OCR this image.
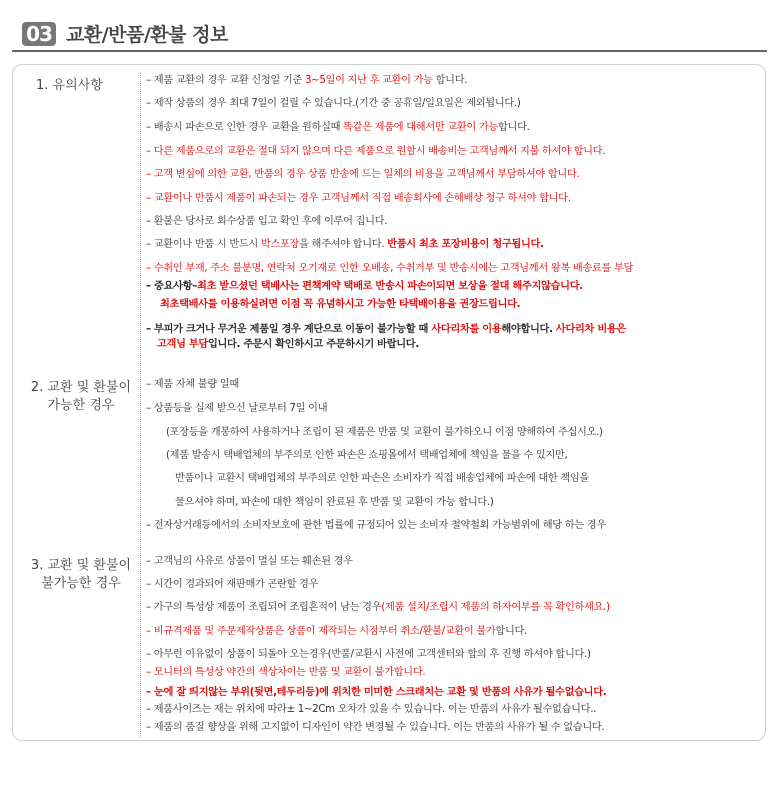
03 교환/반품/환불 정보
1. 유의사항
2. 교환 및 환불이
가능한 경우
3. 교환 및 환불이
불가능한 경우
– 제품 교환의 경우 교환 신청일 기준 3~5일이 지난 후 교환이 가능 합니다.
– 제작 상품의 경우 최대 7일이 걸릴 수 있습니다.(기간 중 공휴일/일요일은 제외됩니다.)
– 배송시 파손으로 인한 경우 교환을 원하실때 똑같은 제품에 대해서만 교환이 가능합니다.
– 다른 제품으로의 교환은 절대 되지 않으며 다른 제품으로 원할시 배송비는 고객님께서 지불 하셔야 합니다.
– 고객 변심에 의한 교환, 반품의 경우 상품 반송에 드는 일체의 비용을 고객님께서 부담하셔야 합니다.
– 교환이나 반품시 제품이 파손되는 경우 고객님께서 직접 배송회사에 손해배상 청구 하셔야 합니다.
– 환불은 당사로 회수상품 입고 확인 후에 이루어 집니다.
– 교환이나 반품 시 반드시 박스포장을 해주셔야 합니다. 반품시 최초 포장비용이 청구됩니다.
– 수취인 부재, 주소 불분명, 연락처 오기재로 인한 오배송, 수취거부 및 반송시에는 고객님께서 왕복 배송료를 부담
– 중요사항–최초 받으셨던 택배사는 편책계약 택배로 반송시 파손이되면 보상을 절대 해주지않습니다.
최초택배사를 이용하실려면 이점 꼭 유념하시고 가능한 타택배이용을 권장드립니다.
– 부피가 크거나 무거운 제품일 경우 계단으로 이동이 불가능할 때 사다리차를 이용해야합니다. 사다리차 비용은
고객님 부담입니다. 주문시 확인하시고 주문하시기 바랍니다.
– 제품 자체 불량 일때
– 상품등을 실제 받으신 날로부터 7일 이내
(포장등을 개봉하여 사용하거나 조립이 된 제품은 반품 및 교환이 불가하오니 이점 양해하여 주십시오.)
(제품 발송시 택배업체의 부주의로 인한 파손은 쇼핑몰에서 택배업체에 책임을 물을 수 있지만,
반품이나 교환시 택배업체의 부주의로 인한 파손은 소비자가 직접 배송업체에 파손에 대한 책임을
물으셔야 하며, 파손에 대한 책임이 완료된 후 반품 및 교환이 가능 합니다.)
– 전자상거래등에서의 소비자보호에 관한 법률에 규정되어 있는 소비자 철약철회 가능범위에 해당 하는 경우
– 고객님의 사유로 상품이 멸실 또는 훼손된 경우
– 시간이 경과되어 재판매가 곤란할 경우
– 가구의 특성상 제품이 조립되어 조립흔적이 남는 경우(제품 설치/조립시 제품의 하자여부를 꼭 확인하세요.)
– 비규격제품 및 주문제작상품은 상품이 제작되는 시점부터 취소/환불/교환이 불가합니다.
– 아무런 이유없이 상품이 되돌아 오는경우(반품/교환시 사전에 고객센터와 합의 후 진행 하셔야 합니다.)
– 모니터의 특성상 약간의 색상차이는 반품 및 교환이 불가합니다.
– 눈에 잘 띄지않는 부위(뒷면,테두리등)에 위치한 미미한 스크래치는 교환 및 반품의 사유가 될수없습니다.
– 제품사이즈는 재는 위치에 따라± 1~2Cm 오차가 있을 수 있습니다. 이는 반품의 사유가 될수없습니다..
– 제품의 품질 향상을 위해 고지없이 디자인이 약간 변경될 수 있습니다. 이는 반품의 사유가 될 수 없습니다.
